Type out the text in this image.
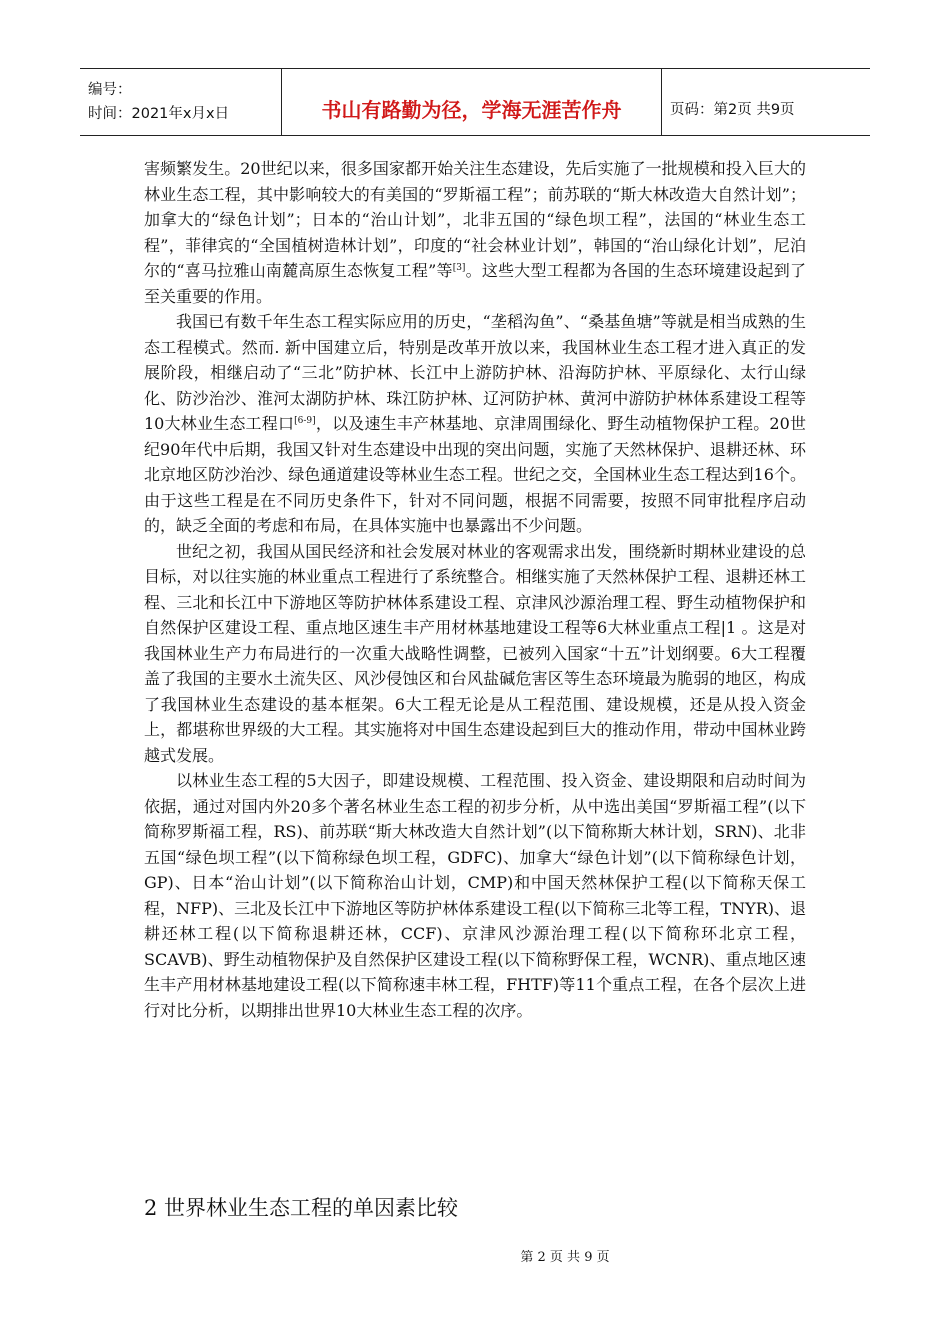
编号：
时间：2021年x月x日	书山有路勤为径，学海无涯苦作舟	页码：第2页 共9页

害频繁发生。20世纪以来，很多国家都开始关注生态建设，先后实施了一批规模和投入巨大的林业生态工程，其中影响较大的有美国的“罗斯福工程”；前苏联的“斯大林改造大自然计划”；加拿大的“绿色计划”；日本的“治山计划”，北非五国的“绿色坝工程”，法国的“林业生态工程”，菲律宾的“全国植树造林计划”，印度的“社会林业计划”，韩国的“治山绿化计划”，尼泊尔的“喜马拉雅山南麓高原生态恢复工程”等[3]。这些大型工程都为各国的生态环境建设起到了至关重要的作用。

我国已有数千年生态工程实际应用的历史，“垄稻沟鱼”、“桑基鱼塘”等就是相当成熟的生态工程模式。然而. 新中国建立后，特别是改革开放以来，我国林业生态工程才进入真正的发展阶段，相继启动了“三北”防护林、长江中上游防护林、沿海防护林、平原绿化、太行山绿化、防沙治沙、淮河太湖防护林、珠江防护林、辽河防护林、黄河中游防护林体系建设工程等10大林业生态工程口[6-9]，以及速生丰产林基地、京津周围绿化、野生动植物保护工程。20世纪90年代中后期，我国又针对生态建设中出现的突出问题，实施了天然林保护、退耕还林、环北京地区防沙治沙、绿色通道建设等林业生态工程。世纪之交，全国林业生态工程达到16个。由于这些工程是在不同历史条件下，针对不同问题，根据不同需要，按照不同审批程序启动的，缺乏全面的考虑和布局，在具体实施中也暴露出不少问题。

世纪之初，我国从国民经济和社会发展对林业的客观需求出发，围绕新时期林业建设的总目标，对以往实施的林业重点工程进行了系统整合。相继实施了天然林保护工程、退耕还林工程、三北和长江中下游地区等防护林体系建设工程、京津风沙源治理工程、野生动植物保护和自然保护区建设工程、重点地区速生丰产用材林基地建设工程等6大林业重点工程|1 。这是对我国林业生产力布局进行的一次重大战略性调整，已被列入国家“十五”计划纲要。6大工程覆盖了我国的主要水土流失区、风沙侵蚀区和台风盐碱危害区等生态环境最为脆弱的地区，构成了我国林业生态建设的基本框架。6大工程无论是从工程范围、建设规模，还是从投入资金上，都堪称世界级的大工程。其实施将对中国生态建设起到巨大的推动作用，带动中国林业跨越式发展。

以林业生态工程的5大因子，即建设规模、工程范围、投入资金、建设期限和启动时间为依据，通过对国内外20多个著名林业生态工程的初步分析，从中选出美国“罗斯福工程”(以下简称罗斯福工程，RS)、前苏联“斯大林改造大自然计划”(以下简称斯大林计划，SRN)、北非五国“绿色坝工程”(以下简称绿色坝工程，GDFC)、加拿大“绿色计划”(以下简称绿色计划，GP)、日本“治山计划”(以下简称治山计划，CMP)和中国天然林保护工程(以下简称天保工程，NFP)、三北及长江中下游地区等防护林体系建设工程(以下简称三北等工程，TNYR)、退耕还林工程(以下简称退耕还林，CCF)、京津风沙源治理工程(以下简称环北京工程，SCAVB)、野生动植物保护及自然保护区建设工程(以下简称野保工程，WCNR)、重点地区速生丰产用材林基地建设工程(以下简称速丰林工程，FHTF)等11个重点工程，在各个层次上进行对比分析，以期排出世界10大林业生态工程的次序。

2 世界林业生态工程的单因素比较
第 2 页 共 9 页
